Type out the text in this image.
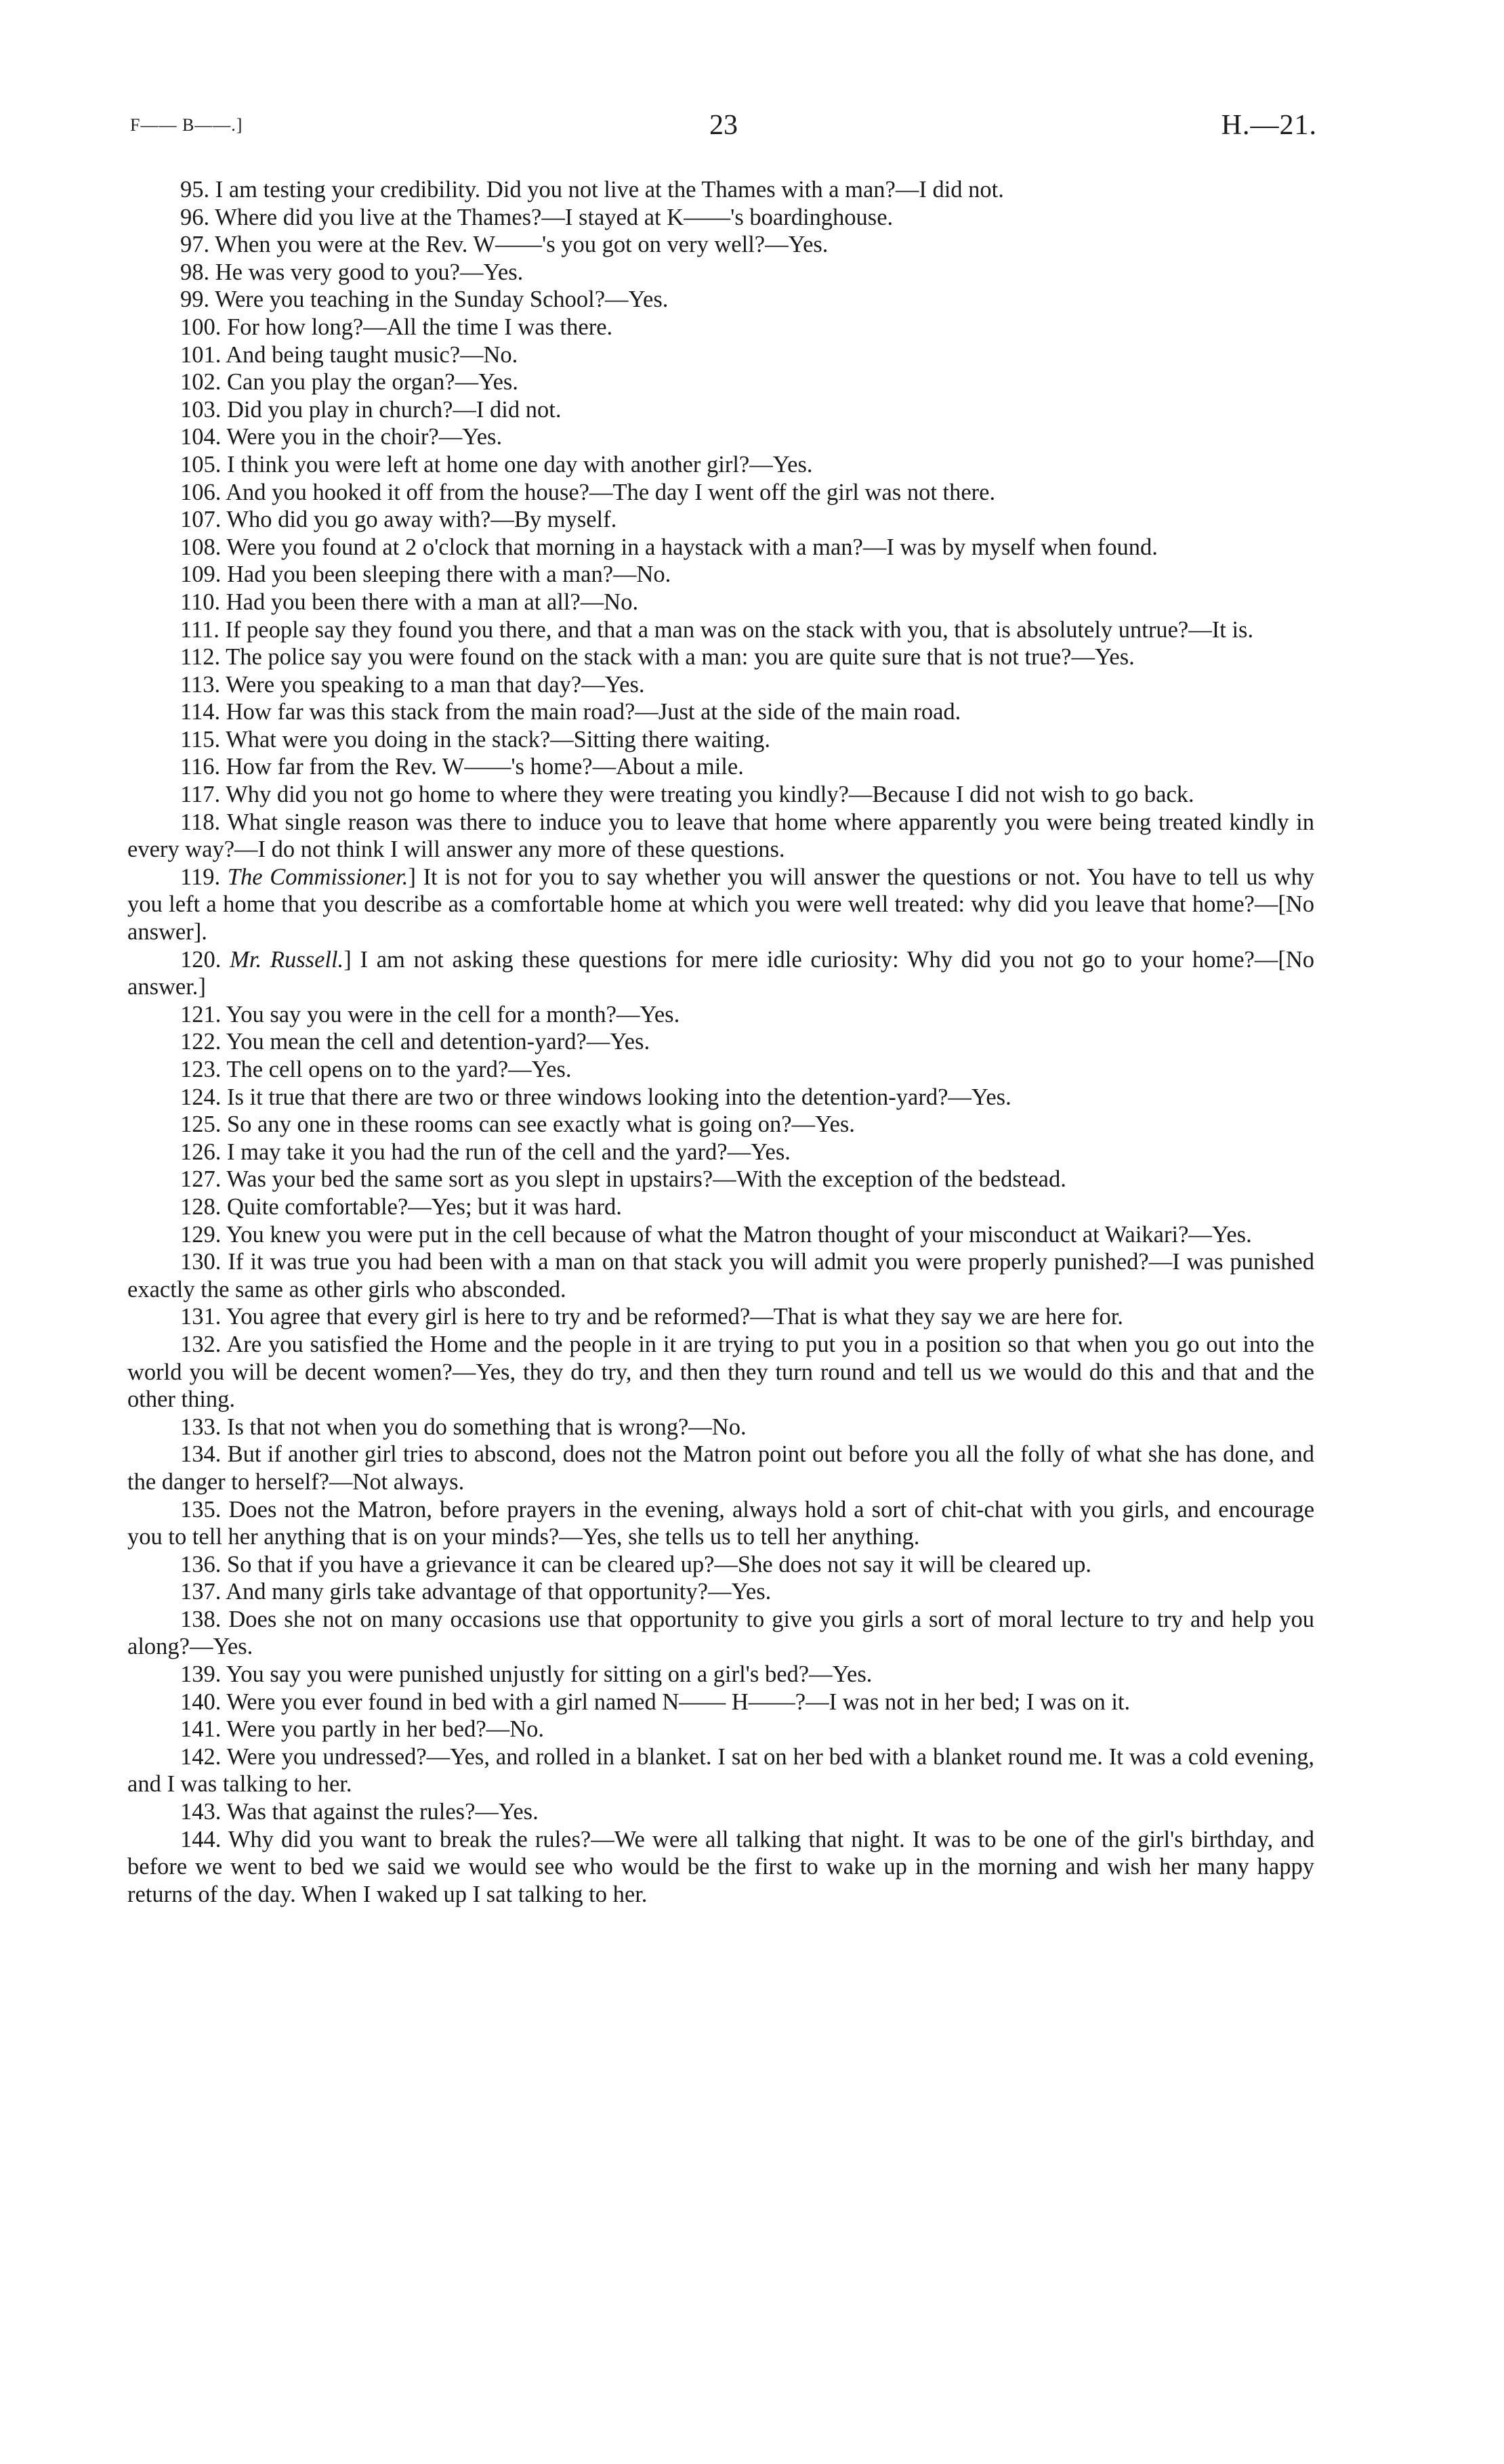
F—— B——.]	23	H.—21.

95. I am testing your credibility. Did you not live at the Thames with a man?—I did not.

96. Where did you live at the Thames?—I stayed at K——'s boardinghouse.

97. When you were at the Rev. W——'s you got on very well?—Yes.

98. He was very good to you?—Yes.

99. Were you teaching in the Sunday School?—Yes.

100. For how long?—All the time I was there.

101. And being taught music?—No.

102. Can you play the organ?—Yes.

103. Did you play in church?—I did not.

104. Were you in the choir?—Yes.

105. I think you were left at home one day with another girl?—Yes.

106. And you hooked it off from the house?—The day I went off the girl was not there.

107. Who did you go away with?—By myself.

108. Were you found at 2 o'clock that morning in a haystack with a man?—I was by myself when found.

109. Had you been sleeping there with a man?—No.

110. Had you been there with a man at all?—No.

111. If people say they found you there, and that a man was on the stack with you, that is absolutely untrue?—It is.

112. The police say you were found on the stack with a man: you are quite sure that is not true?—Yes.

113. Were you speaking to a man that day?—Yes.

114. How far was this stack from the main road?—Just at the side of the main road.

115. What were you doing in the stack?—Sitting there waiting.

116. How far from the Rev. W——'s home?—About a mile.

117. Why did you not go home to where they were treating you kindly?—Because I did not wish to go back.

118. What single reason was there to induce you to leave that home where apparently you were being treated kindly in every way?—I do not think I will answer any more of these questions.

119. The Commissioner.] It is not for you to say whether you will answer the questions or not. You have to tell us why you left a home that you describe as a comfortable home at which you were well treated: why did you leave that home?—[No answer].

120. Mr. Russell.] I am not asking these questions for mere idle curiosity: Why did you not go to your home?—[No answer.]

121. You say you were in the cell for a month?—Yes.

122. You mean the cell and detention-yard?—Yes.

123. The cell opens on to the yard?—Yes.

124. Is it true that there are two or three windows looking into the detention-yard?—Yes.

125. So any one in these rooms can see exactly what is going on?—Yes.

126. I may take it you had the run of the cell and the yard?—Yes.

127. Was your bed the same sort as you slept in upstairs?—With the exception of the bedstead.

128. Quite comfortable?—Yes; but it was hard.

129. You knew you were put in the cell because of what the Matron thought of your misconduct at Waikari?—Yes.

130. If it was true you had been with a man on that stack you will admit you were properly punished?—I was punished exactly the same as other girls who absconded.

131. You agree that every girl is here to try and be reformed?—That is what they say we are here for.

132. Are you satisfied the Home and the people in it are trying to put you in a position so that when you go out into the world you will be decent women?—Yes, they do try, and then they turn round and tell us we would do this and that and the other thing.

133. Is that not when you do something that is wrong?—No.

134. But if another girl tries to abscond, does not the Matron point out before you all the folly of what she has done, and the danger to herself?—Not always.

135. Does not the Matron, before prayers in the evening, always hold a sort of chit-chat with you girls, and encourage you to tell her anything that is on your minds?—Yes, she tells us to tell her anything.

136. So that if you have a grievance it can be cleared up?—She does not say it will be cleared up.

137. And many girls take advantage of that opportunity?—Yes.

138. Does she not on many occasions use that opportunity to give you girls a sort of moral lecture to try and help you along?—Yes.

139. You say you were punished unjustly for sitting on a girl's bed?—Yes.

140. Were you ever found in bed with a girl named N—— H——?—I was not in her bed; I was on it.

141. Were you partly in her bed?—No.

142. Were you undressed?—Yes, and rolled in a blanket. I sat on her bed with a blanket round me. It was a cold evening, and I was talking to her.

143. Was that against the rules?—Yes.

144. Why did you want to break the rules?—We were all talking that night. It was to be one of the girl's birthday, and before we went to bed we said we would see who would be the first to wake up in the morning and wish her many happy returns of the day. When I waked up I sat talking to her.
